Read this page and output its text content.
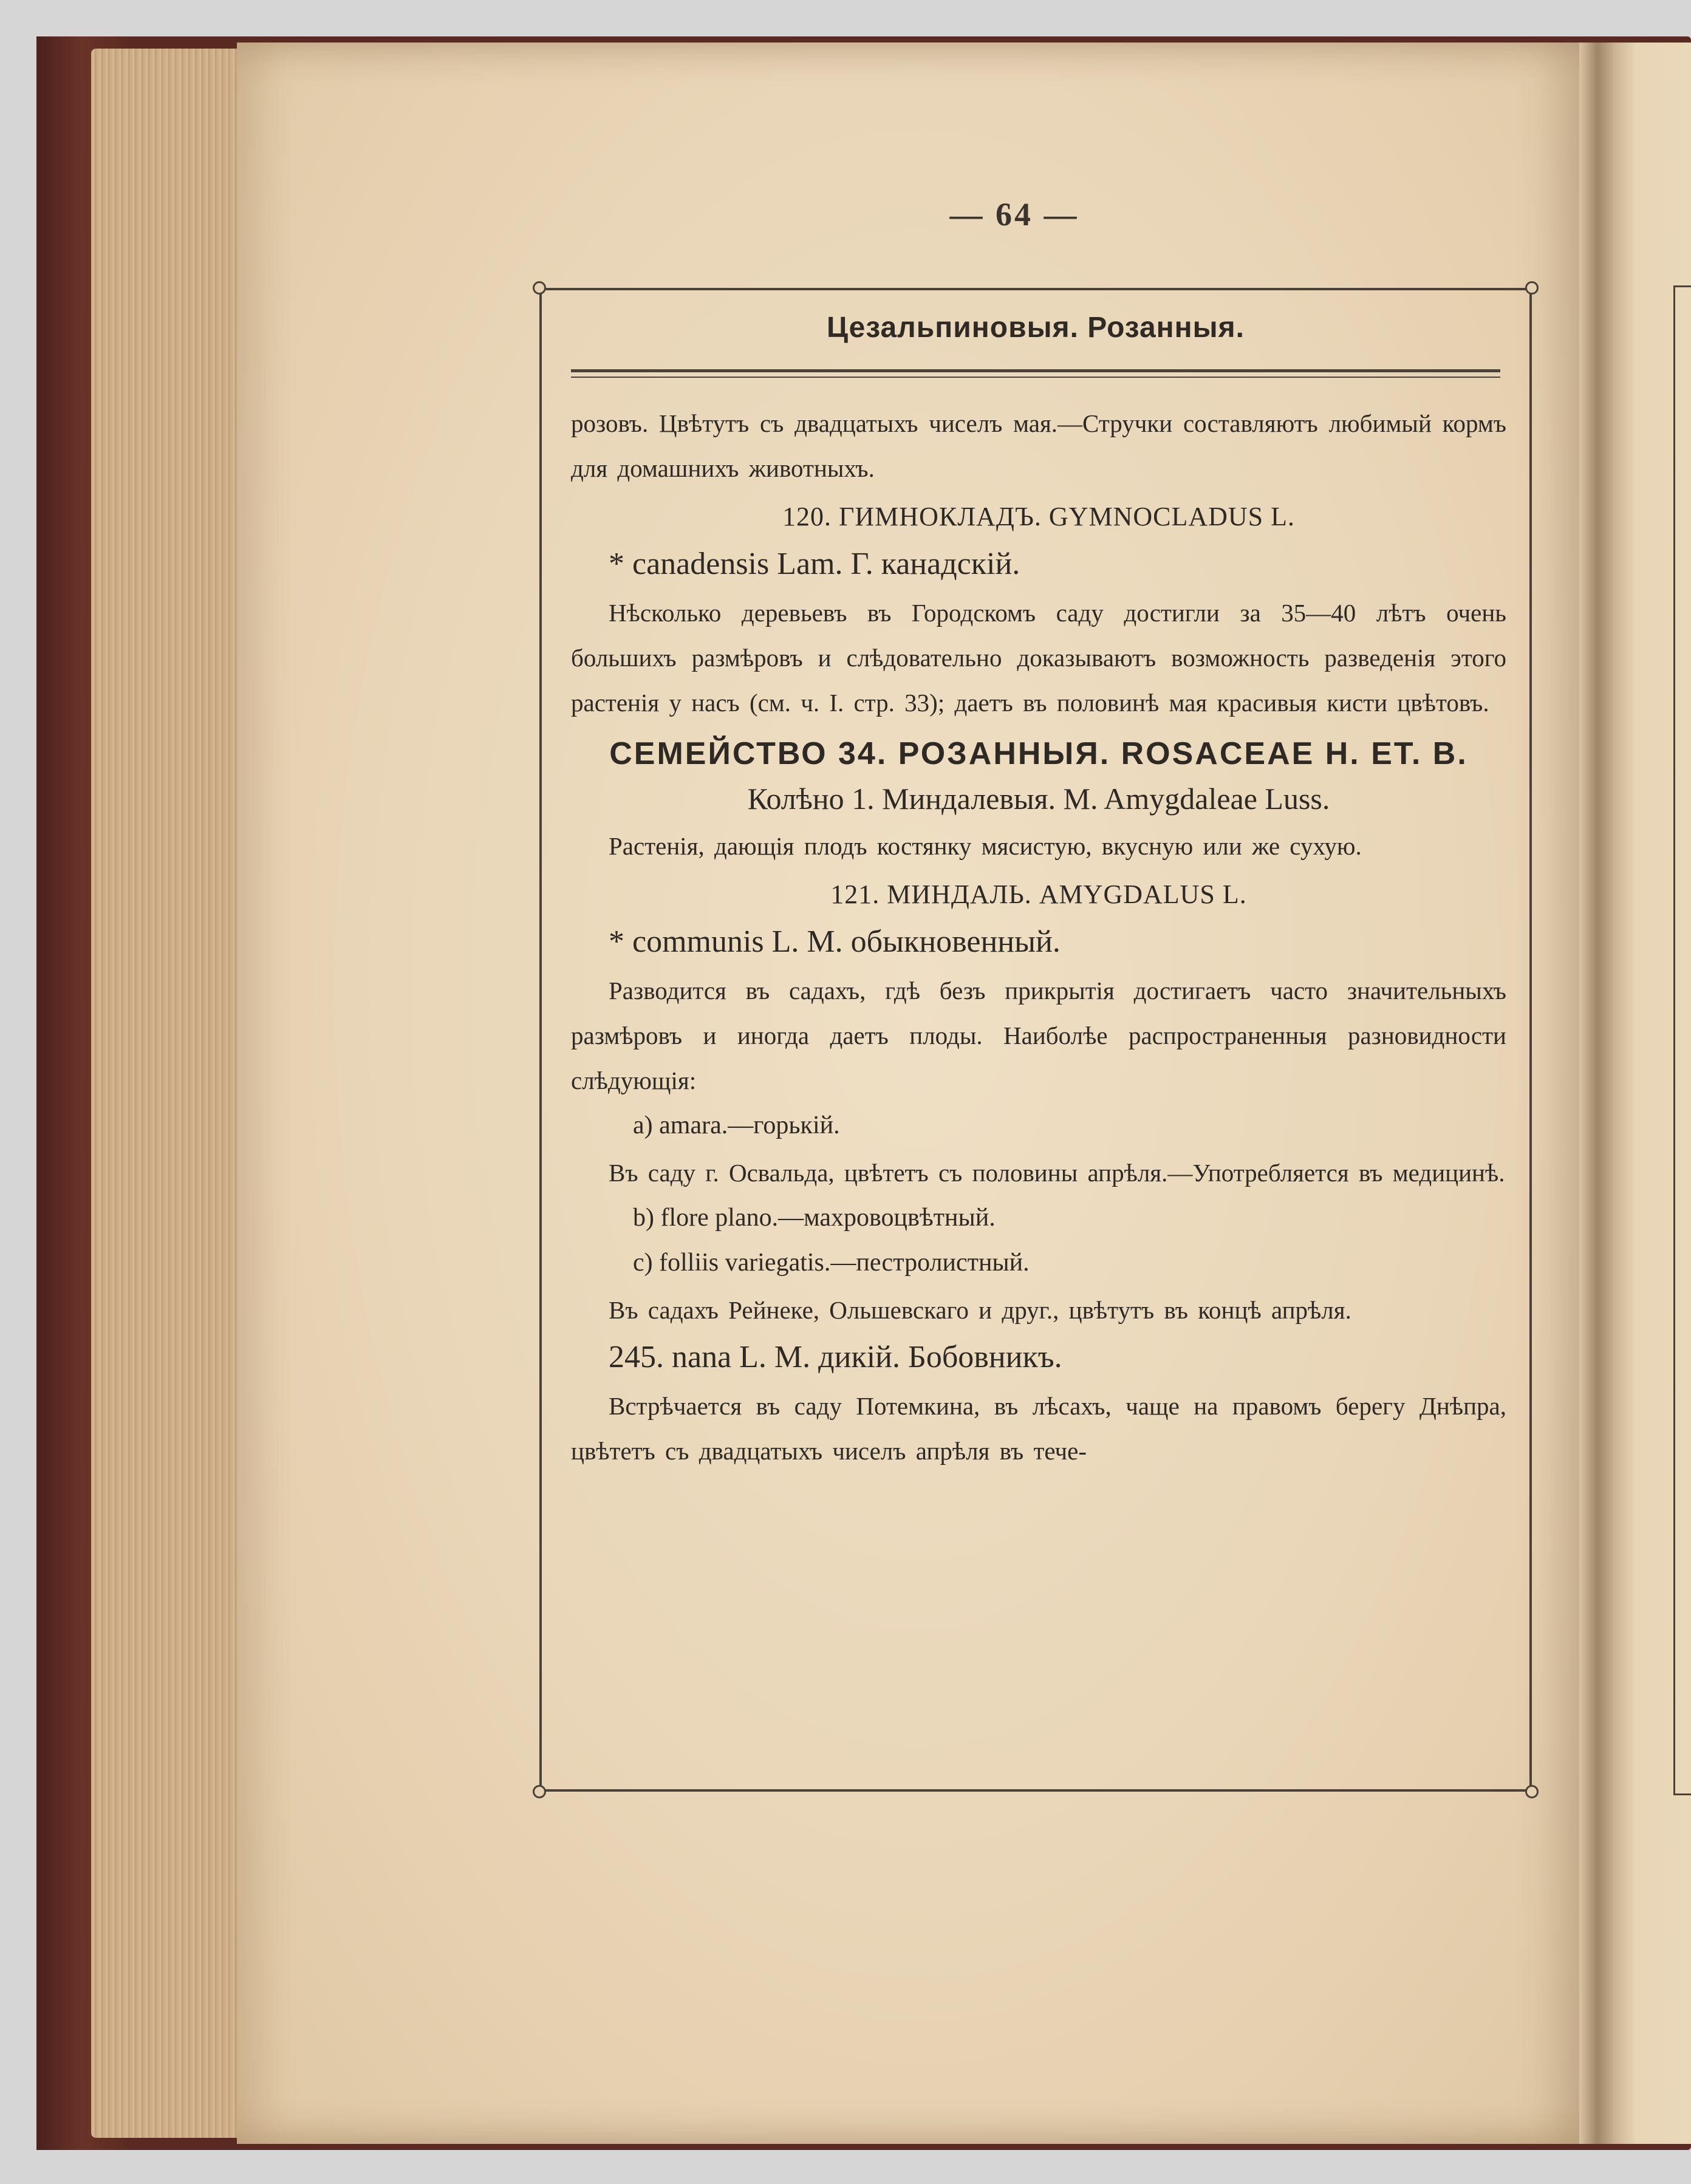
— 64 —
Цезальпиновыя. Розанныя.

розовъ. Цвѣтутъ съ двадцатыхъ чиселъ мая.—Стручки составляютъ любимый кормъ для домашнихъ животныхъ.

120. ГИМНОКЛАДЪ. GYMNOCLADUS L.

* canadensis Lam. Г. канадскій.

Нѣсколько деревьевъ въ Городскомъ саду достигли за 35—40 лѣтъ очень большихъ размѣровъ и слѣдовательно доказываютъ возможность разведенія этого растенія у насъ (см. ч. I. стр. 33); даетъ въ половинѣ мая красивыя кисти цвѣтовъ.

СЕМЕЙСТВО 34. РОЗАННЫЯ. ROSACEAE H. ET. B.

Колѣно 1. Миндалевыя. M. Amygdaleae Luss.

Растенія, дающія плодъ костянку мясистую, вкусную или же сухую.

121. МИНДАЛЬ. AMYGDALUS L.

* communis L. M. обыкновенный.

Разводится въ садахъ, гдѣ безъ прикрытія достигаетъ часто значительныхъ размѣровъ и иногда даетъ плоды. Наиболѣе распространенныя разновидности слѣдующія:

a) amara.—горькій.

Въ саду г. Освальда, цвѣтетъ съ половины апрѣля.—Употребляется въ медицинѣ.

b) flore plano.—махровоцвѣтный.

c) folliis variegatis.—пестролистный.

Въ садахъ Рейнеке, Ольшевскаго и друг., цвѣтутъ въ концѣ апрѣля.

245. nana L. M. дикій. Бобовникъ.

Встрѣчается въ саду Потемкина, въ лѣсахъ, чаще на правомъ берегу Днѣпра, цвѣтетъ съ двадцатыхъ чиселъ апрѣля въ тече-
